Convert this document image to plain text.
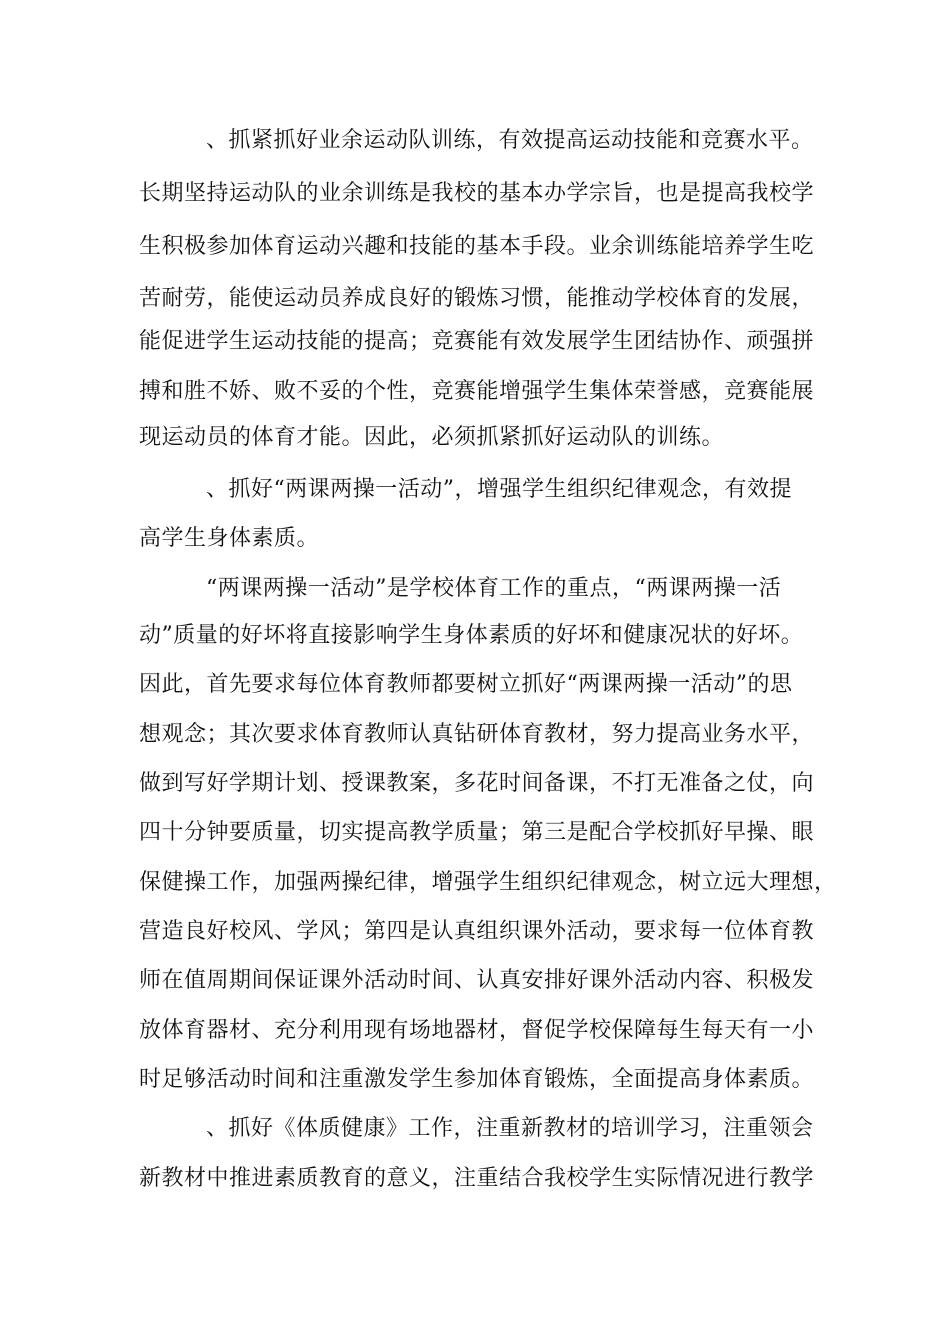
、抓紧抓好业余运动队训练，有效提高运动技能和竞赛水平。
长期坚持运动队的业余训练是我校的基本办学宗旨，也是提高我校学
生积极参加体育运动兴趣和技能的基本手段。业余训练能培养学生吃
苦耐劳，能使运动员养成良好的锻炼习惯，能推动学校体育的发展，
能促进学生运动技能的提高；竞赛能有效发展学生团结协作、顽强拼
搏和胜不娇、败不妥的个性，竞赛能增强学生集体荣誉感，竞赛能展
现运动员的体育才能。因此，必须抓紧抓好运动队的训练。
、抓好“两课两操一活动”，增强学生组织纪律观念，有效提
高学生身体素质。
“两课两操一活动”是学校体育工作的重点，“两课两操一活
动”质量的好坏将直接影响学生身体素质的好坏和健康况状的好坏。
因此，首先要求每位体育教师都要树立抓好“两课两操一活动”的思
想观念；其次要求体育教师认真钻研体育教材，努力提高业务水平，
做到写好学期计划、授课教案，多花时间备课，不打无准备之仗，向
四十分钟要质量，切实提高教学质量；第三是配合学校抓好早操、眼
保健操工作，加强两操纪律，增强学生组织纪律观念，树立远大理想，
营造良好校风、学风；第四是认真组织课外活动，要求每一位体育教
师在值周期间保证课外活动时间、认真安排好课外活动内容、积极发
放体育器材、充分利用现有场地器材，督促学校保障每生每天有一小
时足够活动时间和注重激发学生参加体育锻炼，全面提高身体素质。
、抓好《体质健康》工作，注重新教材的培训学习，注重领会
新教材中推进素质教育的意义，注重结合我校学生实际情况进行教学
